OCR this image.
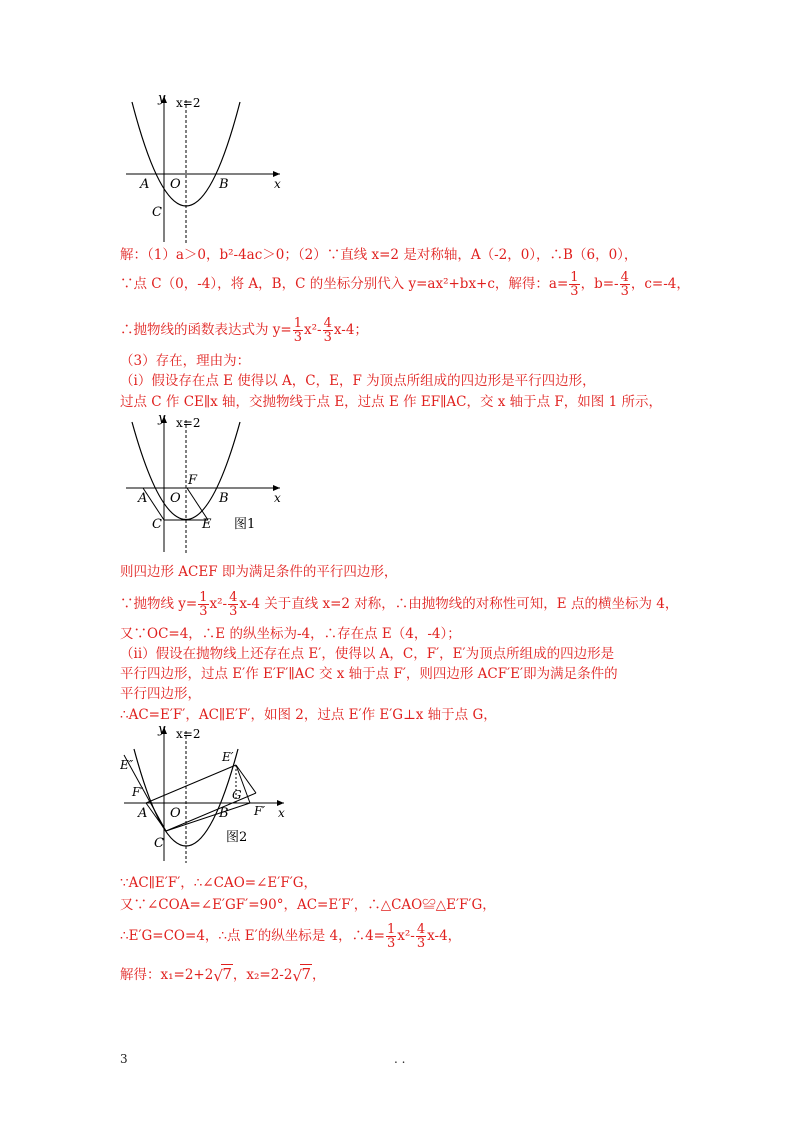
y x=2
x
A O	B
C
解：（1）a＞0，b²-4ac＞0；（2）∵直线 x=2 是对称轴，A（-2，0），∴B（6，0），
∵点 C（0，-4），将 A，B，C 的坐标分别代入 y=ax²+bx+c，解得：$a= \frac{1}{3}$ ，$b=- \frac{4}{3}$ ，c=-4，
∴抛物线的函数表达式为 $y= \frac{1}{3} x^2- \frac{4}{3} x-4$；
（3）存在，理由为：
（i）假设存在点 E 使得以 A，C，E，F 为顶点所组成的四边形是平行四边形，
过点 C 作 CE∥x 轴，交抛物线于点 E，过点 E 作 EF∥AC，交 x 轴于点 F，如图 1 所示，
y x=2
x
A O
F
B
C	E 图1
则四边形 ACEF 即为满足条件的平行四边形，
∵抛物线 $y= \frac{1}{3} x^2- \frac{4}{3} x-4$ 关于直线 x=2 对称，∴由抛物线的对称性可知，E 点的横坐标为 4，
又∵OC=4，∴E 的纵坐标为-4，∴存在点 E（4，-4）；
（ii）假设在抛物线上还存在点 E′，使得以 A，C，F′，E′为顶点所组成的四边形是
平行四边形，过点 E′作 E′F′∥AC 交 x 轴于点 F′，则四边形 ACF′E′即为满足条件的
平行四边形，
∴AC=E′F′，AC∥E′F′，如图 2，过点 E′作 E′G⊥x 轴于点 G，
y x=2
x
E″
E′
F′	G
F′
A O	B
C	图2
∵AC∥E′F′，∴∠CAO=∠E′F′G，
又∵∠COA=∠E′GF′=90°，AC=E′F′，∴△CAO≌△E′F′G，
∴E′G=CO=4，∴点 E′的纵坐标是 4，∴4= $\frac{1}{3} x^2- \frac{4}{3} x-4$，
解得：x₁=2+2 √ 7，x₂=2-2 √ 7，
3	. .
